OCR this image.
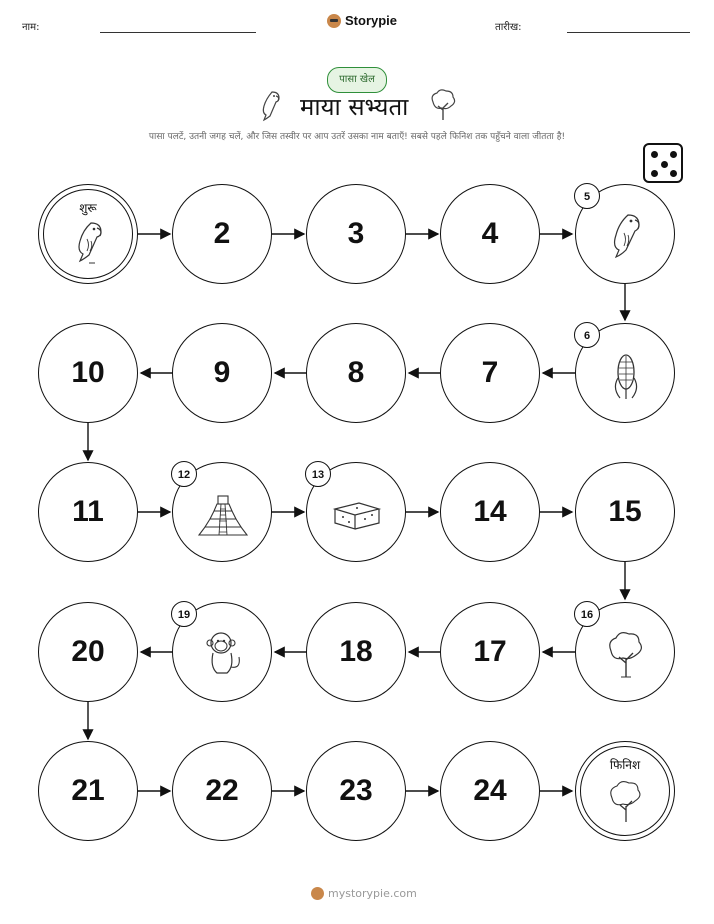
नाम:	Storypie	तारीख:
पासा खेल
माया सभ्यता
पासा पलटें, उतनी जगह चलें, और जिस तस्वीर पर आप उतरें उसका नाम बताएँ! सबसे पहले फिनिश तक पहुँचने वाला जीतता है!
शुरू
2	3	4
5
10	9	8	7
6
11
12	13
14	15
20
19
18	17
16
21	22	23	24
फिनिश
mystorypie.com
